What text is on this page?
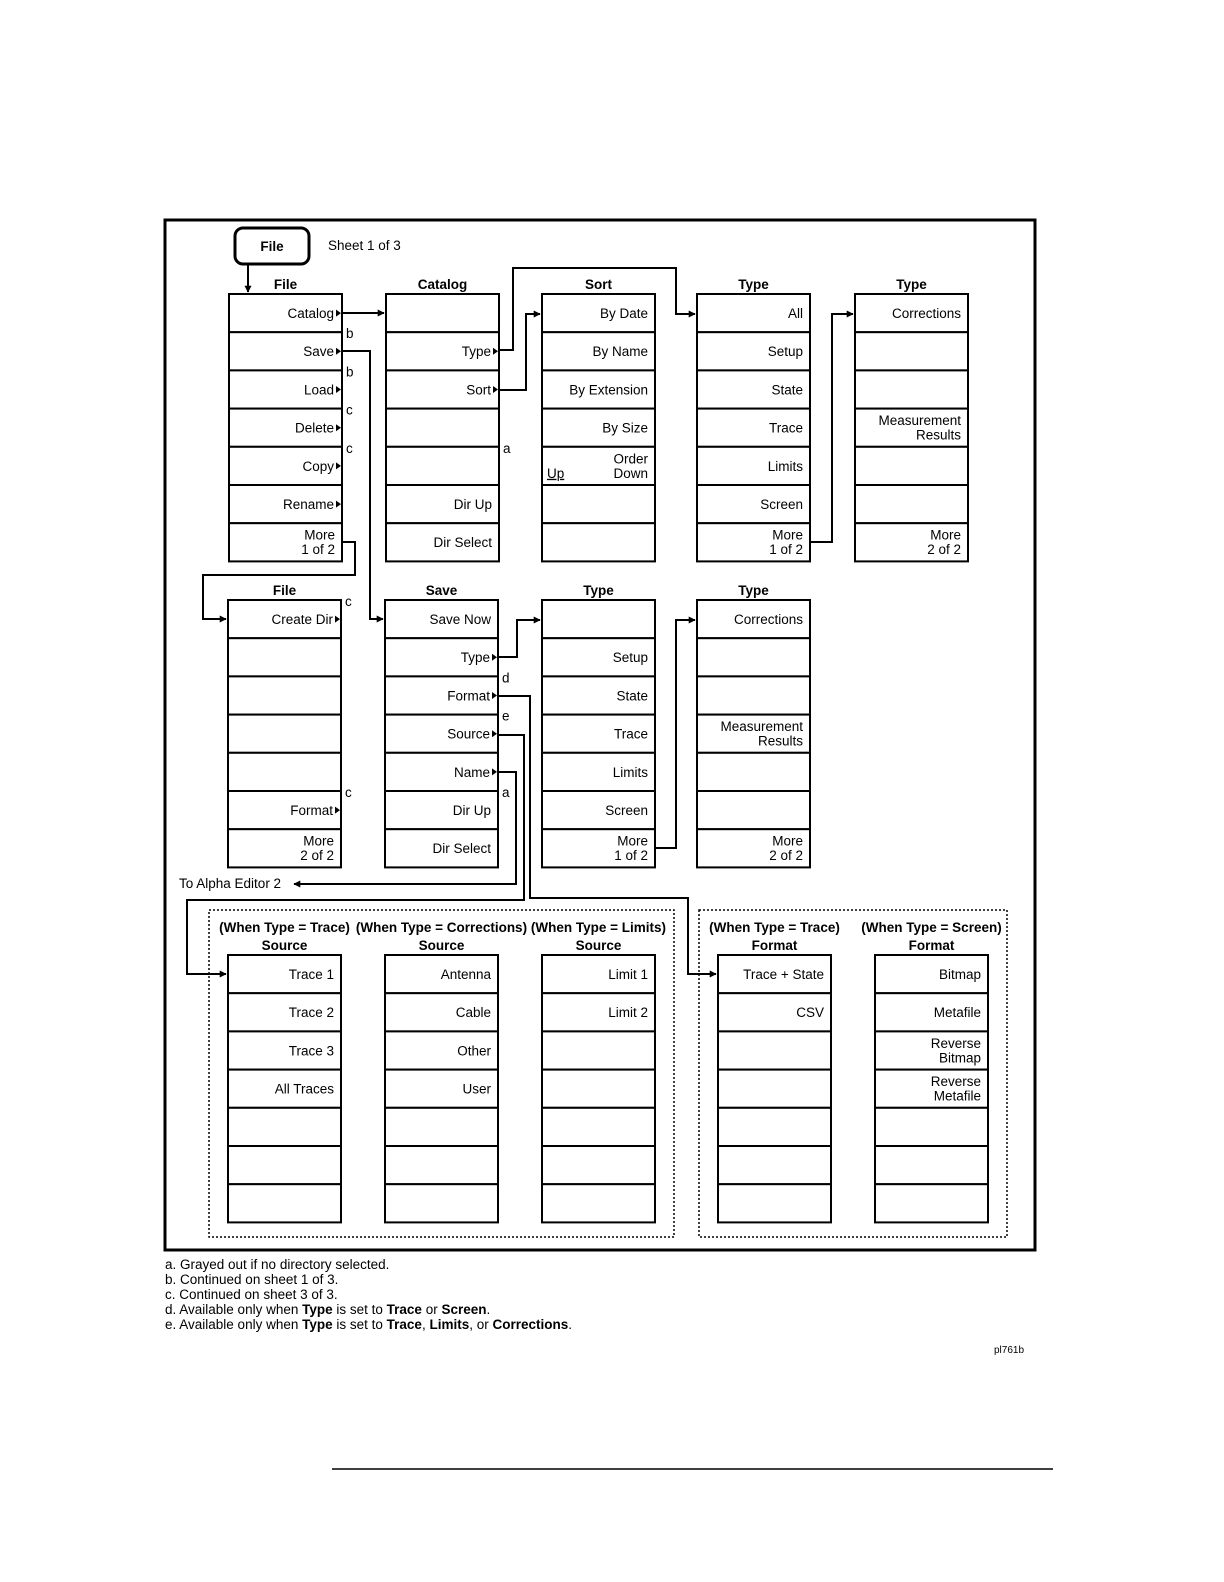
File	Sheet 1 of 3
To Alpha Editor 2
File
Catalog
Save
Load
Delete
Copy
Rename
More
1 of 2
Catalog
Type
Sort
Dir Up
Dir Select
Sort
By Date
By Name
By Extension
By Size
Order
Down
Up
Type
All
Setup
State
Trace
Limits
Screen
More
1 of 2
Type
Corrections
Measurement
Results
More
2 of 2
File
Create Dir
Format
More
2 of 2
Save
Save Now
Type
Format
Source
Name
Dir Up
Dir Select
Type
Setup
State
Trace
Limits
Screen
More
1 of 2
Type
Corrections
Measurement
Results
More
2 of 2
(When Type = Trace)
Source
Trace 1
Trace 2
Trace 3
All Traces
(When Type = Corrections)
Source
Antenna
Cable
Other
User
(When Type = Limits)
Source
Limit 1
Limit 2
(When Type = Trace)
Format
Trace + State
CSV
(When Type = Screen)
Format
Bitmap
Metafile
Reverse
Bitmap
Reverse
Metafile
b
b
c
c	a
c
c
d
e
a
a. Grayed out if no directory selected.
b. Continued on sheet 1 of 3.
c. Continued on sheet 3 of 3.
d. Available only when Type is set to Trace or Screen.
e. Available only when Type is set to Trace, Limits, or Corrections.
pl761b
